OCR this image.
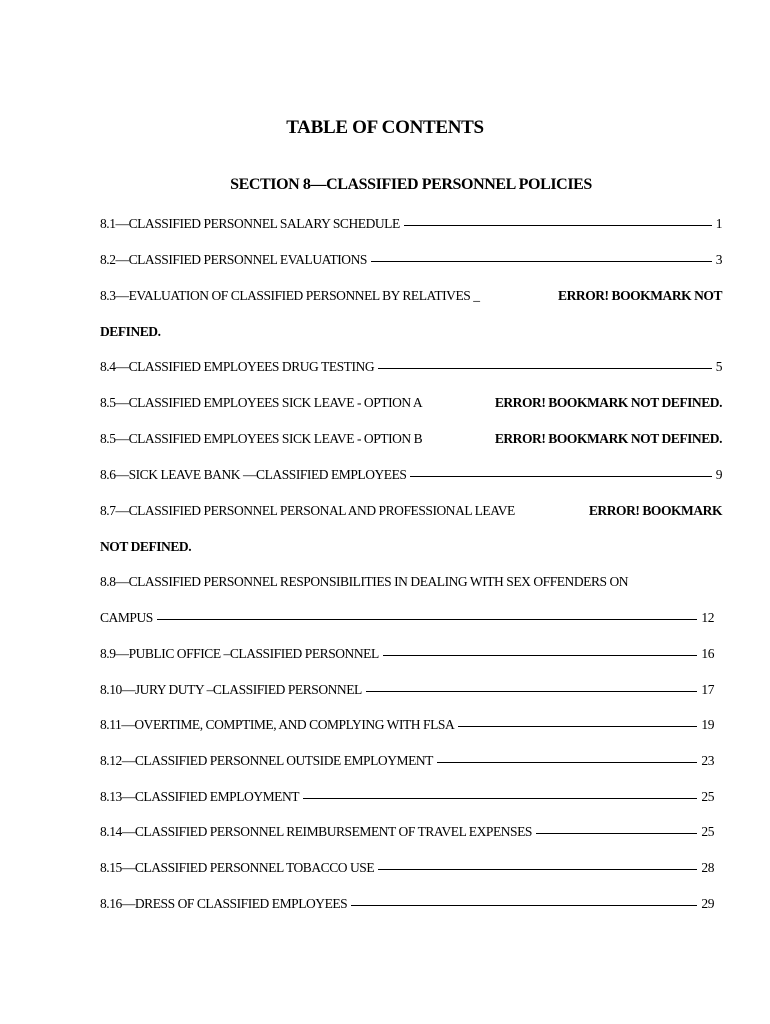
TABLE OF CONTENTS
SECTION 8—CLASSIFIED PERSONNEL POLICIES
8.1—CLASSIFIED PERSONNEL SALARY SCHEDULE	1
8.2—CLASSIFIED PERSONNEL EVALUATIONS	3
8.3—EVALUATION OF CLASSIFIED PERSONNEL BY RELATIVES _	ERROR! BOOKMARK NOT
DEFINED.
8.4—CLASSIFIED EMPLOYEES DRUG TESTING	5
8.5—CLASSIFIED EMPLOYEES SICK LEAVE - OPTION A	ERROR! BOOKMARK NOT DEFINED.
8.5—CLASSIFIED EMPLOYEES SICK LEAVE - OPTION B	ERROR! BOOKMARK NOT DEFINED.
8.6—SICK LEAVE BANK —CLASSIFIED EMPLOYEES	9
8.7—CLASSIFIED PERSONNEL PERSONAL AND PROFESSIONAL LEAVE	ERROR! BOOKMARK
NOT DEFINED.
8.8—CLASSIFIED PERSONNEL RESPONSIBILITIES IN DEALING WITH SEX OFFENDERS ON
CAMPUS	12
8.9—PUBLIC OFFICE –CLASSIFIED PERSONNEL	16
8.10—JURY DUTY –CLASSIFIED PERSONNEL	17
8.11—OVERTIME, COMPTIME, AND COMPLYING WITH FLSA	19
8.12—CLASSIFIED PERSONNEL OUTSIDE EMPLOYMENT	23
8.13—CLASSIFIED EMPLOYMENT	25
8.14—CLASSIFIED PERSONNEL REIMBURSEMENT OF TRAVEL EXPENSES	25
8.15—CLASSIFIED PERSONNEL TOBACCO USE	28
8.16—DRESS OF CLASSIFIED EMPLOYEES	29
